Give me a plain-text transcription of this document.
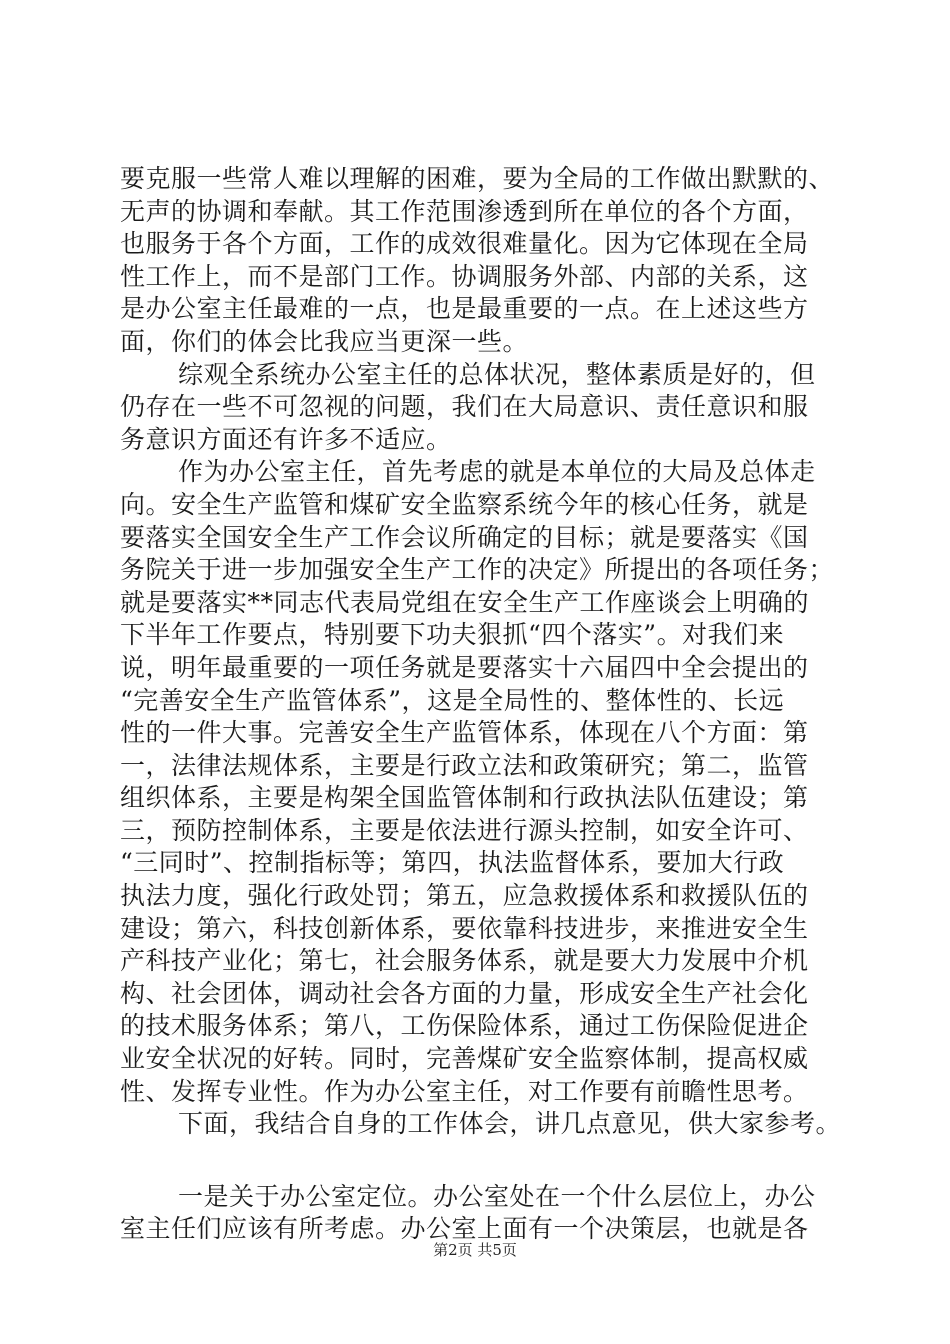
要克服一些常人难以理解的困难，要为全局的工作做出默默的、
无声的协调和奉献。其工作范围渗透到所在单位的各个方面，
也服务于各个方面，工作的成效很难量化。因为它体现在全局
性工作上，而不是部门工作。协调服务外部、内部的关系，这
是办公室主任最难的一点，也是最重要的一点。在上述这些方
面，你们的体会比我应当更深一些。
综观全系统办公室主任的总体状况，整体素质是好的，但
仍存在一些不可忽视的问题，我们在大局意识、责任意识和服
务意识方面还有许多不适应。
作为办公室主任，首先考虑的就是本单位的大局及总体走
向。安全生产监管和煤矿安全监察系统今年的核心任务，就是
要落实全国安全生产工作会议所确定的目标；就是要落实《国
务院关于进一步加强安全生产工作的决定》所提出的各项任务；
就是要落实**同志代表局党组在安全生产工作座谈会上明确的
下半年工作要点，特别要下功夫狠抓“四个落实”。对我们来
说，明年最重要的一项任务就是要落实十六届四中全会提出的
“完善安全生产监管体系”，这是全局性的、整体性的、长远
性的一件大事。完善安全生产监管体系，体现在八个方面：第
一，法律法规体系，主要是行政立法和政策研究；第二，监管
组织体系，主要是构架全国监管体制和行政执法队伍建设；第
三，预防控制体系，主要是依法进行源头控制，如安全许可、
“三同时”、控制指标等；第四，执法监督体系，要加大行政
执法力度，强化行政处罚；第五，应急救援体系和救援队伍的
建设；第六，科技创新体系，要依靠科技进步，来推进安全生
产科技产业化；第七，社会服务体系，就是要大力发展中介机
构、社会团体，调动社会各方面的力量，形成安全生产社会化
的技术服务体系；第八，工伤保险体系，通过工伤保险促进企
业安全状况的好转。同时，完善煤矿安全监察体制，提高权威
性、发挥专业性。作为办公室主任，对工作要有前瞻性思考。
下面，我结合自身的工作体会，讲几点意见，供大家参考。
一是关于办公室定位。办公室处在一个什么层位上，办公
室主任们应该有所考虑。办公室上面有一个决策层，也就是各
第2页 共5页
